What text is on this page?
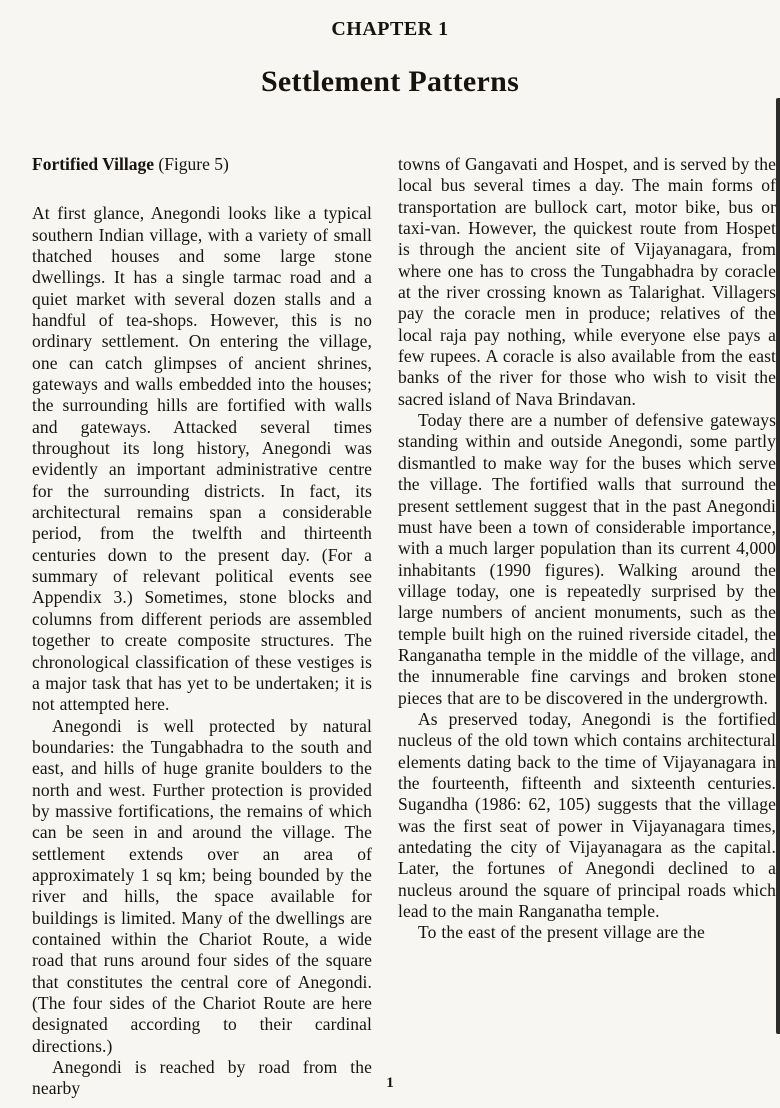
CHAPTER 1
Settlement Patterns

Fortified Village (Figure 5)

At first glance, Anegondi looks like a typical southern Indian village, with a variety of small thatched houses and some large stone dwellings. It has a single tarmac road and a quiet market with several dozen stalls and a handful of tea-shops. However, this is no ordinary settlement. On entering the village, one can catch glimpses of ancient shrines, gateways and walls embedded into the houses; the surrounding hills are fortified with walls and gateways. Attacked several times throughout its long history, Anegondi was evidently an important administrative centre for the surrounding districts. In fact, its architectural remains span a considerable period, from the twelfth and thirteenth centuries down to the present day. (For a summary of relevant political events see Appendix 3.) Sometimes, stone blocks and columns from different periods are assembled together to create composite structures. The chronological classification of these vestiges is a major task that has yet to be undertaken; it is not attempted here.

Anegondi is well protected by natural boundaries: the Tungabhadra to the south and east, and hills of huge granite boulders to the north and west. Further protection is provided by massive fortifications, the remains of which can be seen in and around the village. The settlement extends over an area of approximately 1 sq km; being bounded by the river and hills, the space available for buildings is limited. Many of the dwellings are contained within the Chariot Route, a wide road that runs around four sides of the square that constitutes the central core of Anegondi. (The four sides of the Chariot Route are here designated according to their cardinal directions.)

Anegondi is reached by road from the nearby

towns of Gangavati and Hospet, and is served by the local bus several times a day. The main forms of transportation are bullock cart, motor bike, bus or taxi-van. However, the quickest route from Hospet is through the ancient site of Vijayanagara, from where one has to cross the Tungabhadra by coracle at the river crossing known as Talarighat. Villagers pay the coracle men in produce; relatives of the local raja pay nothing, while everyone else pays a few rupees. A coracle is also available from the east banks of the river for those who wish to visit the sacred island of Nava Brindavan.

Today there are a number of defensive gateways standing within and outside Anegondi, some partly dismantled to make way for the buses which serve the village. The fortified walls that surround the present settlement suggest that in the past Anegondi must have been a town of considerable importance, with a much larger population than its current 4,000 inhabitants (1990 figures). Walking around the village today, one is repeatedly surprised by the large numbers of ancient monuments, such as the temple built high on the ruined riverside citadel, the Ranganatha temple in the middle of the village, and the innumerable fine carvings and broken stone pieces that are to be discovered in the undergrowth.

As preserved today, Anegondi is the fortified nucleus of the old town which contains architectural elements dating back to the time of Vijayanagara in the fourteenth, fifteenth and sixteenth centuries. Sugandha (1986: 62, 105) suggests that the village was the first seat of power in Vijayanagara times, antedating the city of Vijayanagara as the capital. Later, the fortunes of Anegondi declined to a nucleus around the square of principal roads which lead to the main Ranganatha temple.

To the east of the present village are the

1
